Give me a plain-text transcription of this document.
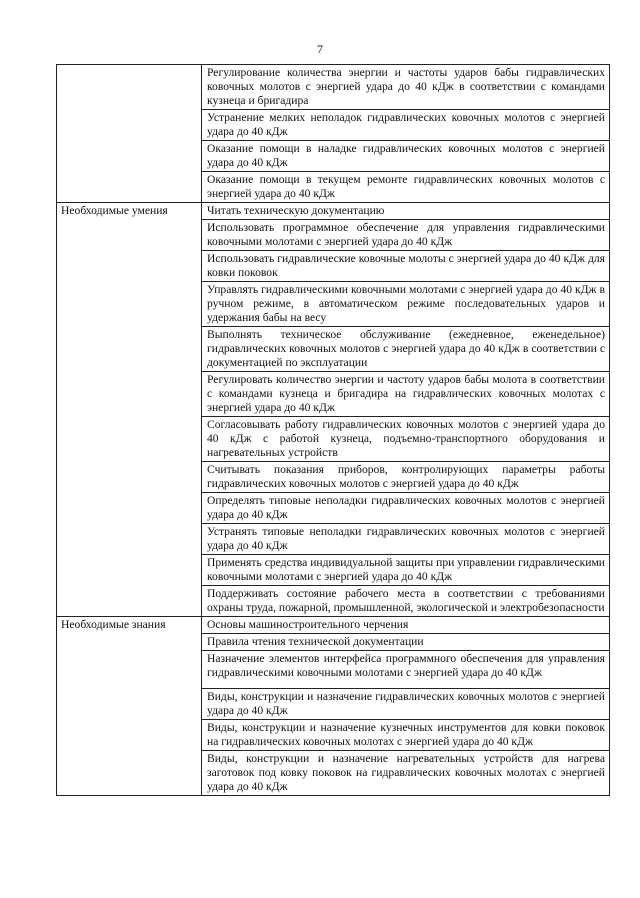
7
	Регулирование количества энергии и частоты ударов бабы гидравлических ковочных молотов с энергией удара до 40 кДж в соответствии с командами кузнеца и бригадира
	Устранение мелких неполадок гидравлических ковочных молотов с энергией удара до 40 кДж
	Оказание помощи в наладке гидравлических ковочных молотов с энергией удара до 40 кДж
	Оказание помощи в текущем ремонте гидравлических ковочных молотов с энергией удара до 40 кДж
Необходимые умения	Читать техническую документацию
	Использовать программное обеспечение для управления гидравлическими ковочными молотами с энергией удара до 40 кДж
	Использовать гидравлические ковочные молоты с энергией удара до 40 кДж для ковки поковок
	Управлять гидравлическими ковочными молотами с энергией удара до 40 кДж в ручном режиме, в автоматическом режиме последовательных ударов и удержания бабы на весу
	Выполнять техническое обслуживание (ежедневное, еженедельное) гидравлических ковочных молотов с энергией удара до 40 кДж в соответствии с документацией по эксплуатации
	Регулировать количество энергии и частоту ударов бабы молота в соответствии с командами кузнеца и бригадира на гидравлических ковочных молотах с энергией удара до 40 кДж
	Согласовывать работу гидравлических ковочных молотов с энергией удара до 40 кДж с работой кузнеца, подъемно-транспортного оборудования и нагревательных устройств
	Считывать показания приборов, контролирующих параметры работы гидравлических ковочных молотов с энергией удара до 40 кДж
	Определять типовые неполадки гидравлических ковочных молотов с энергией удара до 40 кДж
	Устранять типовые неполадки гидравлических ковочных молотов с энергией удара до 40 кДж
	Применять средства индивидуальной защиты при управлении гидравлическими ковочными молотами с энергией удара до 40 кДж
	Поддерживать состояние рабочего места в соответствии с требованиями охраны труда, пожарной, промышленной, экологической и электробезопасности
Необходимые знания	Основы машиностроительного черчения
	Правила чтения технической документации
	Назначение элементов интерфейса программного обеспечения для управления гидравлическими ковочными молотами с энергией удара до 40 кДж
	Виды, конструкции и назначение гидравлических ковочных молотов с энергией удара до 40 кДж
	Виды, конструкции и назначение кузнечных инструментов для ковки поковок на гидравлических ковочных молотах с энергией удара до 40 кДж
	Виды, конструкции и назначение нагревательных устройств для нагрева заготовок под ковку поковок на гидравлических ковочных молотах с энергией удара до 40 кДж
